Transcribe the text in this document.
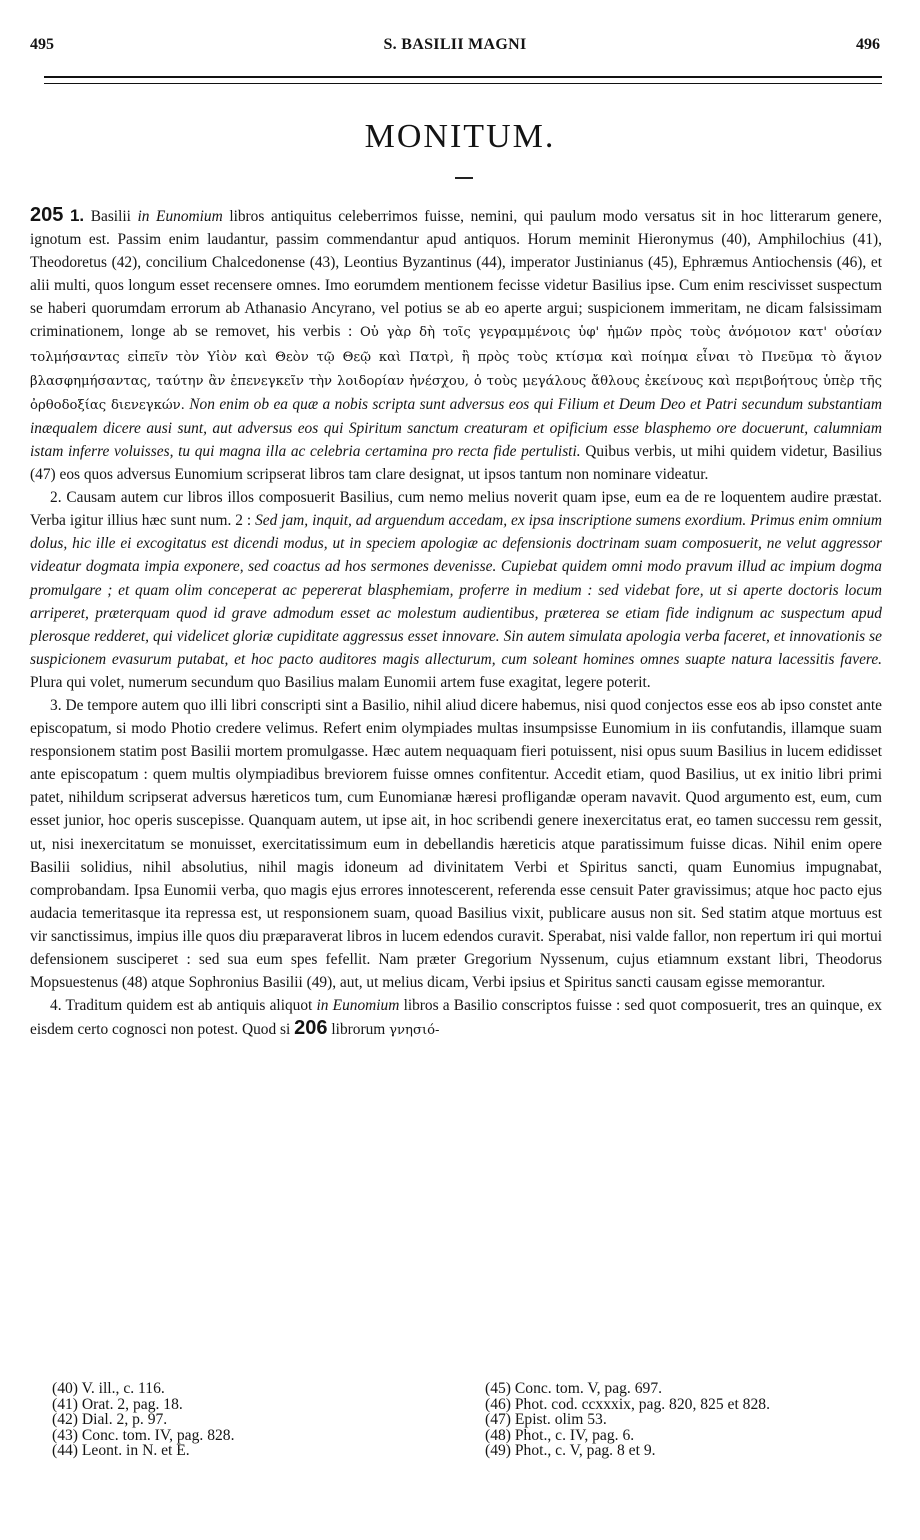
495	S. BASILII MAGNI	496
MONITUM.

205 1. Basilii in Eunomium libros antiquitus celeberrimos fuisse, nemini, qui paulum modo versatus sit in hoc litterarum genere, ignotum est. Passim enim laudantur, passim commendantur apud antiquos. Horum meminit Hieronymus (40), Amphilochius (41), Theodoretus (42), concilium Chalcedonense (43), Leontius Byzantinus (44), imperator Justinianus (45), Ephræmus Antiochensis (46), et alii multi, quos longum esset recensere omnes. Imo eorumdem mentionem fecisse videtur Basilius ipse. Cum enim rescivisset suspectum se haberi quorumdam errorum ab Athanasio Ancyrano, vel potius se ab eo aperte argui; suspicionem immeritam, ne dicam falsissimam criminationem, longe ab se removet, his verbis : Οὐ γὰρ δὴ τοῖς γεγραμμένοις ὑφ' ἡμῶν πρὸς τοὺς ἀνόμοιον κατ' οὐσίαν τολμήσαντας εἰπεῖν τὸν Υἱὸν καὶ Θεὸν τῷ Θεῷ καὶ Πατρὶ, ἢ πρὸς τοὺς κτίσμα καὶ ποίημα εἶναι τὸ Πνεῦμα τὸ ἅγιον βλασφημήσαντας, ταύτην ἂν ἐπενεγκεῖν τὴν λοιδορίαν ἠνέσχου, ὁ τοὺς μεγάλους ἄθλους ἐκείνους καὶ περιβοήτους ὑπὲρ τῆς ὀρθοδοξίας διενεγκών. Non enim ob ea quæ a nobis scripta sunt adversus eos qui Filium et Deum Deo et Patri secundum substantiam inæqualem dicere ausi sunt, aut adversus eos qui Spiritum sanctum creaturam et opificium esse blasphemo ore docuerunt, calumniam istam inferre voluisses, tu qui magna illa ac celebria certamina pro recta fide pertulisti. Quibus verbis, ut mihi quidem videtur, Basilius (47) eos quos adversus Eunomium scripserat libros tam clare designat, ut ipsos tantum non nominare videatur.

2. Causam autem cur libros illos composuerit Basilius, cum nemo melius noverit quam ipse, eum ea de re loquentem audire præstat. Verba igitur illius hæc sunt num. 2 : Sed jam, inquit, ad arguendum accedam, ex ipsa inscriptione sumens exordium. Primus enim omnium dolus, hic ille ei excogitatus est dicendi modus, ut in speciem apologiæ ac defensionis doctrinam suam composuerit, ne velut aggressor videatur dogmata impia exponere, sed coactus ad hos sermones devenisse. Cupiebat quidem omni modo pravum illud ac impium dogma promulgare ; et quam olim conceperat ac pepererat blasphemiam, proferre in medium : sed videbat fore, ut si aperte doctoris locum arriperet, præterquam quod id grave admodum esset ac molestum audientibus, præterea se etiam fide indignum ac suspectum apud plerosque redderet, qui videlicet gloriæ cupiditate aggressus esset innovare. Sin autem simulata apologia verba faceret, et innovationis se suspicionem evasurum putabat, et hoc pacto auditores magis allecturum, cum soleant homines omnes suapte natura lacessitis favere. Plura qui volet, numerum secundum quo Basilius malam Eunomii artem fuse exagitat, legere poterit.

3. De tempore autem quo illi libri conscripti sint a Basilio, nihil aliud dicere habemus, nisi quod conjectos esse eos ab ipso constet ante episcopatum, si modo Photio credere velimus. Refert enim olympiades multas insumpsisse Eunomium in iis confutandis, illamque suam responsionem statim post Basilii mortem promulgasse. Hæc autem nequaquam fieri potuissent, nisi opus suum Basilius in lucem edidisset ante episcopatum : quem multis olympiadibus breviorem fuisse omnes confitentur. Accedit etiam, quod Basilius, ut ex initio libri primi patet, nihildum scripserat adversus hæreticos tum, cum Eunomianæ hæresi profligandæ operam navavit. Quod argumento est, eum, cum esset junior, hoc operis suscepisse. Quanquam autem, ut ipse ait, in hoc scribendi genere inexercitatus erat, eo tamen successu rem gessit, ut, nisi inexercitatum se monuisset, exercitatissimum eum in debellandis hæreticis atque paratissimum fuisse dicas. Nihil enim opere Basilii solidius, nihil absolutius, nihil magis idoneum ad divinitatem Verbi et Spiritus sancti, quam Eunomius impugnabat, comprobandam. Ipsa Eunomii verba, quo magis ejus errores innotescerent, referenda esse censuit Pater gravissimus; atque hoc pacto ejus audacia temeritasque ita repressa est, ut responsionem suam, quoad Basilius vixit, publicare ausus non sit. Sed statim atque mortuus est vir sanctissimus, impius ille quos diu præparaverat libros in lucem edendos curavit. Sperabat, nisi valde fallor, non repertum iri qui mortui defensionem susciperet : sed sua eum spes fefellit. Nam præter Gregorium Nyssenum, cujus etiamnum exstant libri, Theodorus Mopsuestenus (48) atque Sophronius Basilii (49), aut, ut melius dicam, Verbi ipsius et Spiritus sancti causam egisse memorantur.

4. Traditum quidem est ab antiquis aliquot in Eunomium libros a Basilio conscriptos fuisse : sed quot composuerit, tres an quinque, ex eisdem certo cognosci non potest. Quod si 206 librorum γνησιό-

(40) V. ill., c. 116.
(41) Orat. 2, pag. 18.
(42) Dial. 2, p. 97.
(43) Conc. tom. IV, pag. 828.
(44) Leont. in N. et E.
(45) Conc. tom. V, pag. 697.
(46) Phot. cod. ccxxxix, pag. 820, 825 et 828.
(47) Epist. olim 53.
(48) Phot., c. IV, pag. 6.
(49) Phot., c. V, pag. 8 et 9.
